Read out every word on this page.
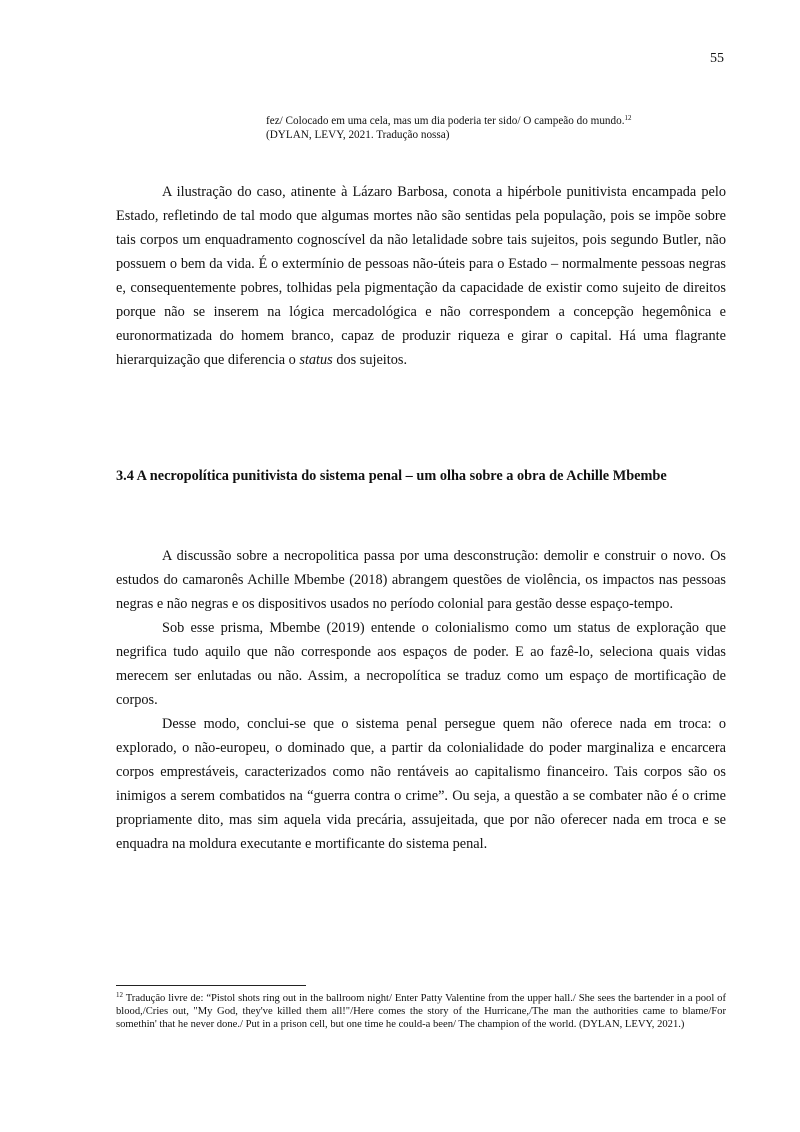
55
fez/ Colocado em uma cela, mas um dia poderia ter sido/ O campeão do mundo.$^{12}$
(DYLAN, LEVY, 2021. Tradução nossa)

A ilustração do caso, atinente à Lázaro Barbosa, conota a hipérbole punitivista encampada pelo Estado, refletindo de tal modo que algumas mortes não são sentidas pela população, pois se impõe sobre tais corpos um enquadramento cognoscível da não letalidade sobre tais sujeitos, pois segundo Butler, não possuem o bem da vida. É o extermínio de pessoas não-úteis para o Estado – normalmente pessoas negras e, consequentemente pobres, tolhidas pela pigmentação da capacidade de existir como sujeito de direitos porque não se inserem na lógica mercadológica e não correspondem a concepção hegemônica e euronormatizada do homem branco, capaz de produzir riqueza e girar o capital. Há uma flagrante hierarquização que diferencia o status dos sujeitos.

3.4 A necropolítica punitivista do sistema penal – um olha sobre a obra de Achille Mbembe

A discussão sobre a necropolitica passa por uma desconstrução: demolir e construir o novo. Os estudos do camaronês Achille Mbembe (2018) abrangem questões de violência, os impactos nas pessoas negras e não negras e os dispositivos usados no período colonial para gestão desse espaço-tempo.

Sob esse prisma, Mbembe (2019) entende o colonialismo como um status de exploração que negrifica tudo aquilo que não corresponde aos espaços de poder. E ao fazê-lo, seleciona quais vidas merecem ser enlutadas ou não. Assim, a necropolítica se traduz como um espaço de mortificação de corpos.

Desse modo, conclui-se que o sistema penal persegue quem não oferece nada em troca: o explorado, o não-europeu, o dominado que, a partir da colonialidade do poder marginaliza e encarcera corpos emprestáveis, caracterizados como não rentáveis ao capitalismo financeiro. Tais corpos são os inimigos a serem combatidos na “guerra contra o crime”. Ou seja, a questão a se combater não é o crime propriamente dito, mas sim aquela vida precária, assujeitada, que por não oferecer nada em troca e se enquadra na moldura executante e mortificante do sistema penal.

$^{12}$ Tradução livre de: “Pistol shots ring out in the ballroom night/ Enter Patty Valentine from the upper hall./ She sees the bartender in a pool of blood,/Cries out, "My God, they've killed them all!"/Here comes the story of the Hurricane,/The man the authorities came to blame/For somethin' that he never done./ Put in a prison cell, but one time he could-a been/ The champion of the world. (DYLAN, LEVY, 2021.)
